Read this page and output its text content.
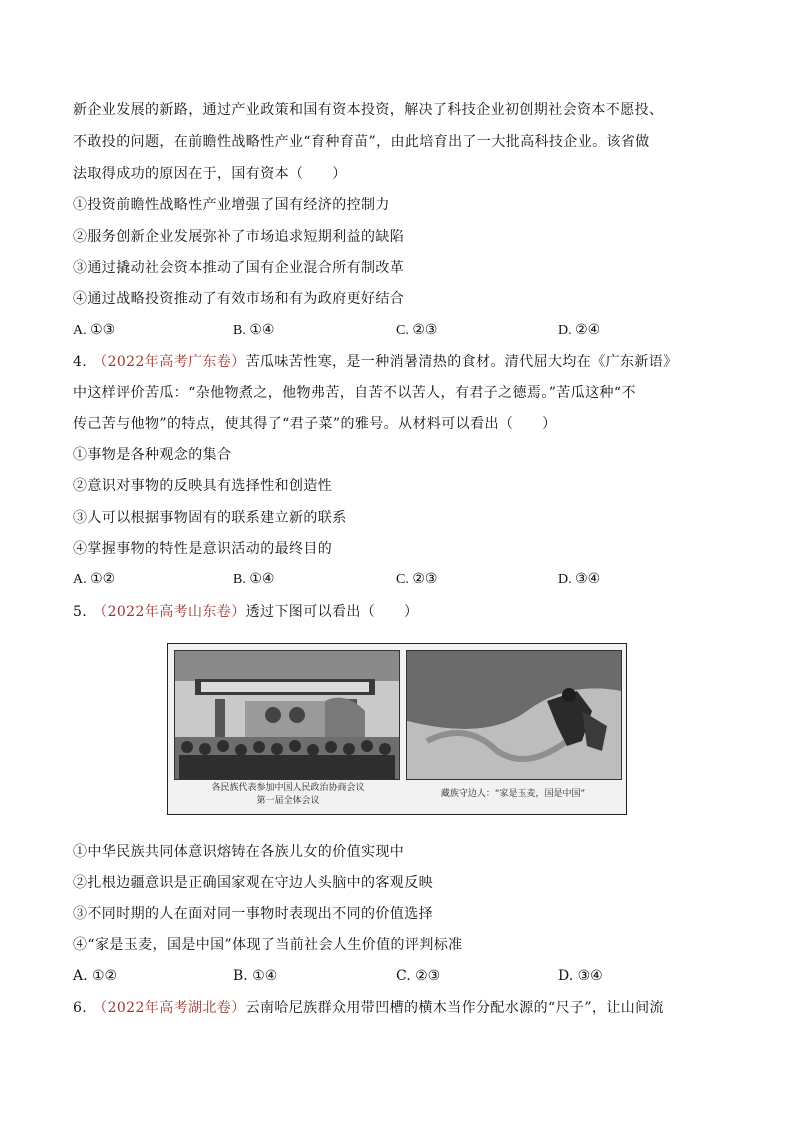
新企业发展的新路，通过产业政策和国有资本投资，解决了科技企业初创期社会资本不愿投、
不敢投的问题，在前瞻性战略性产业“育种育苗”，由此培育出了一大批高科技企业。该省做
法取得成功的原因在于，国有资本（　　）
①投资前瞻性战略性产业增强了国有经济的控制力
②服务创新企业发展弥补了市场追求短期利益的缺陷
③通过撬动社会资本推动了国有企业混合所有制改革
④通过战略投资推动了有效市场和有为政府更好结合
A. ①③	B. ①④	C. ②③	D. ②④
4. （2022年高考广东卷）苦瓜味苦性寒，是一种消暑清热的食材。清代屈大均在《广东新语》
中这样评价苦瓜：“杂他物煮之，他物弗苦，自苦不以苦人，有君子之德焉。”苦瓜这种“不
传己苦与他物”的特点，使其得了“君子菜”的雅号。从材料可以看出（　　）
①事物是各种观念的集合
②意识对事物的反映具有选择性和创造性
③人可以根据事物固有的联系建立新的联系
④掌握事物的特性是意识活动的最终目的
A. ①②	B. ①④	C. ②③	D. ③④
5. （2022年高考山东卷）透过下图可以看出（　　）
各民族代表参加中国人民政治协商会议
第一届全体会议
藏族守边人：“家是玉麦，国是中国”
①中华民族共同体意识熔铸在各族儿女的价值实现中
②扎根边疆意识是正确国家观在守边人头脑中的客观反映
③不同时期的人在面对同一事物时表现出不同的价值选择
④“家是玉麦，国是中国”体现了当前社会人生价值的评判标准
A. ①②	B. ①④	C. ②③	D. ③④
6. （2022年高考湖北卷）云南哈尼族群众用带凹槽的横木当作分配水源的“尺子”，让山间流
